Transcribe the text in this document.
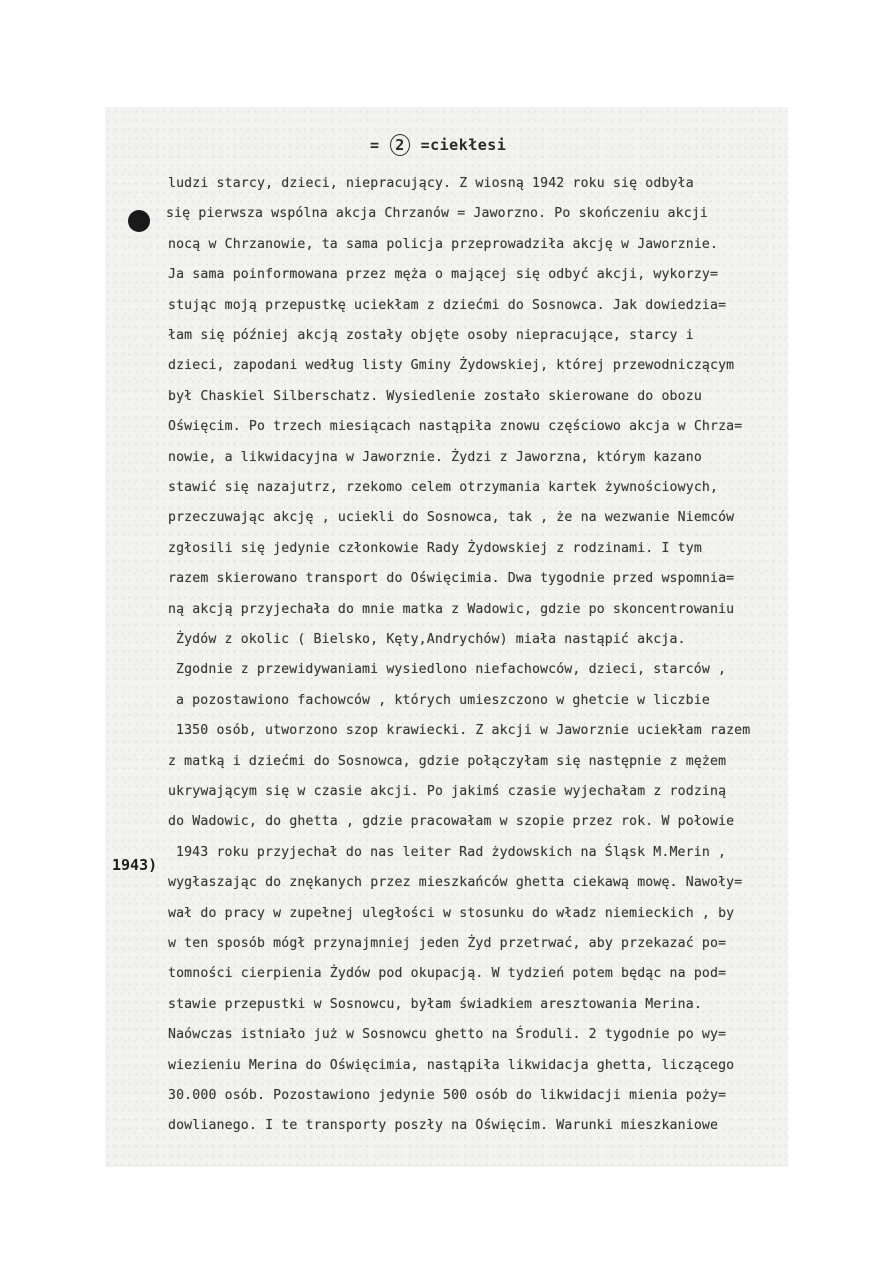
= 2 =ciekłesi
1943)
ludzi starcy, dzieci, niepracujący. Z wiosną 1942 roku się odbyła
się pierwsza wspólna akcja Chrzanów = Jaworzno. Po skończeniu akcji
nocą w Chrzanowie, ta sama policja przeprowadziła akcję w Jaworznie.
Ja sama poinformowana przez męża o mającej się odbyć akcji, wykorzy=
stując moją przepustkę uciekłam z dziećmi do Sosnowca. Jak dowiedzia=
łam się później akcją zostały objęte osoby niepracujące, starcy i
dzieci, zapodani według listy Gminy Żydowskiej, której przewodniczącym
był Chaskiel Silberschatz. Wysiedlenie zostało skierowane do obozu
Oświęcim. Po trzech miesiącach nastąpiła znowu częściowo akcja w Chrza=
nowie, a likwidacyjna w Jaworznie. Żydzi z Jaworzna, którym kazano
stawić się nazajutrz, rzekomo celem otrzymania kartek żywnościowych,
przeczuwając akcję , uciekli do Sosnowca, tak , że na wezwanie Niemców
zgłosili się jedynie członkowie Rady Żydowskiej z rodzinami. I tym
razem skierowano transport do Oświęcimia. Dwa tygodnie przed wspomnia=
ną akcją przyjechała do mnie matka z Wadowic, gdzie po skoncentrowaniu
Żydów z okolic ( Bielsko, Kęty,Andrychów) miała nastąpić akcja.
Zgodnie z przewidywaniami wysiedlono niefachowców, dzieci, starców ,
a pozostawiono fachowców , których umieszczono w ghetcie w liczbie
1350 osób, utworzono szop krawiecki. Z akcji w Jaworznie uciekłam razem
z matką i dziećmi do Sosnowca, gdzie połączyłam się następnie z mężem
ukrywającym się w czasie akcji. Po jakimś czasie wyjechałam z rodziną
do Wadowic, do ghetta , gdzie pracowałam w szopie przez rok. W połowie
1943 roku przyjechał do nas leiter Rad żydowskich na Śląsk M.Merin ,
wygłaszając do znękanych przez mieszkańców ghetta ciekawą mowę. Nawoły=
wał do pracy w zupełnej uległości w stosunku do władz niemieckich , by
w ten sposób mógł przynajmniej jeden Żyd przetrwać, aby przekazać po=
tomności cierpienia Żydów pod okupacją. W tydzień potem będąc na pod=
stawie przepustki w Sosnowcu, byłam świadkiem aresztowania Merina.
Naówczas istniało już w Sosnowcu ghetto na Środuli. 2 tygodnie po wy=
wiezieniu Merina do Oświęcimia, nastąpiła likwidacja ghetta, liczącego
30.000 osób. Pozostawiono jedynie 500 osób do likwidacji mienia poży=
dowlianego. I te transporty poszły na Oświęcim. Warunki mieszkaniowe
